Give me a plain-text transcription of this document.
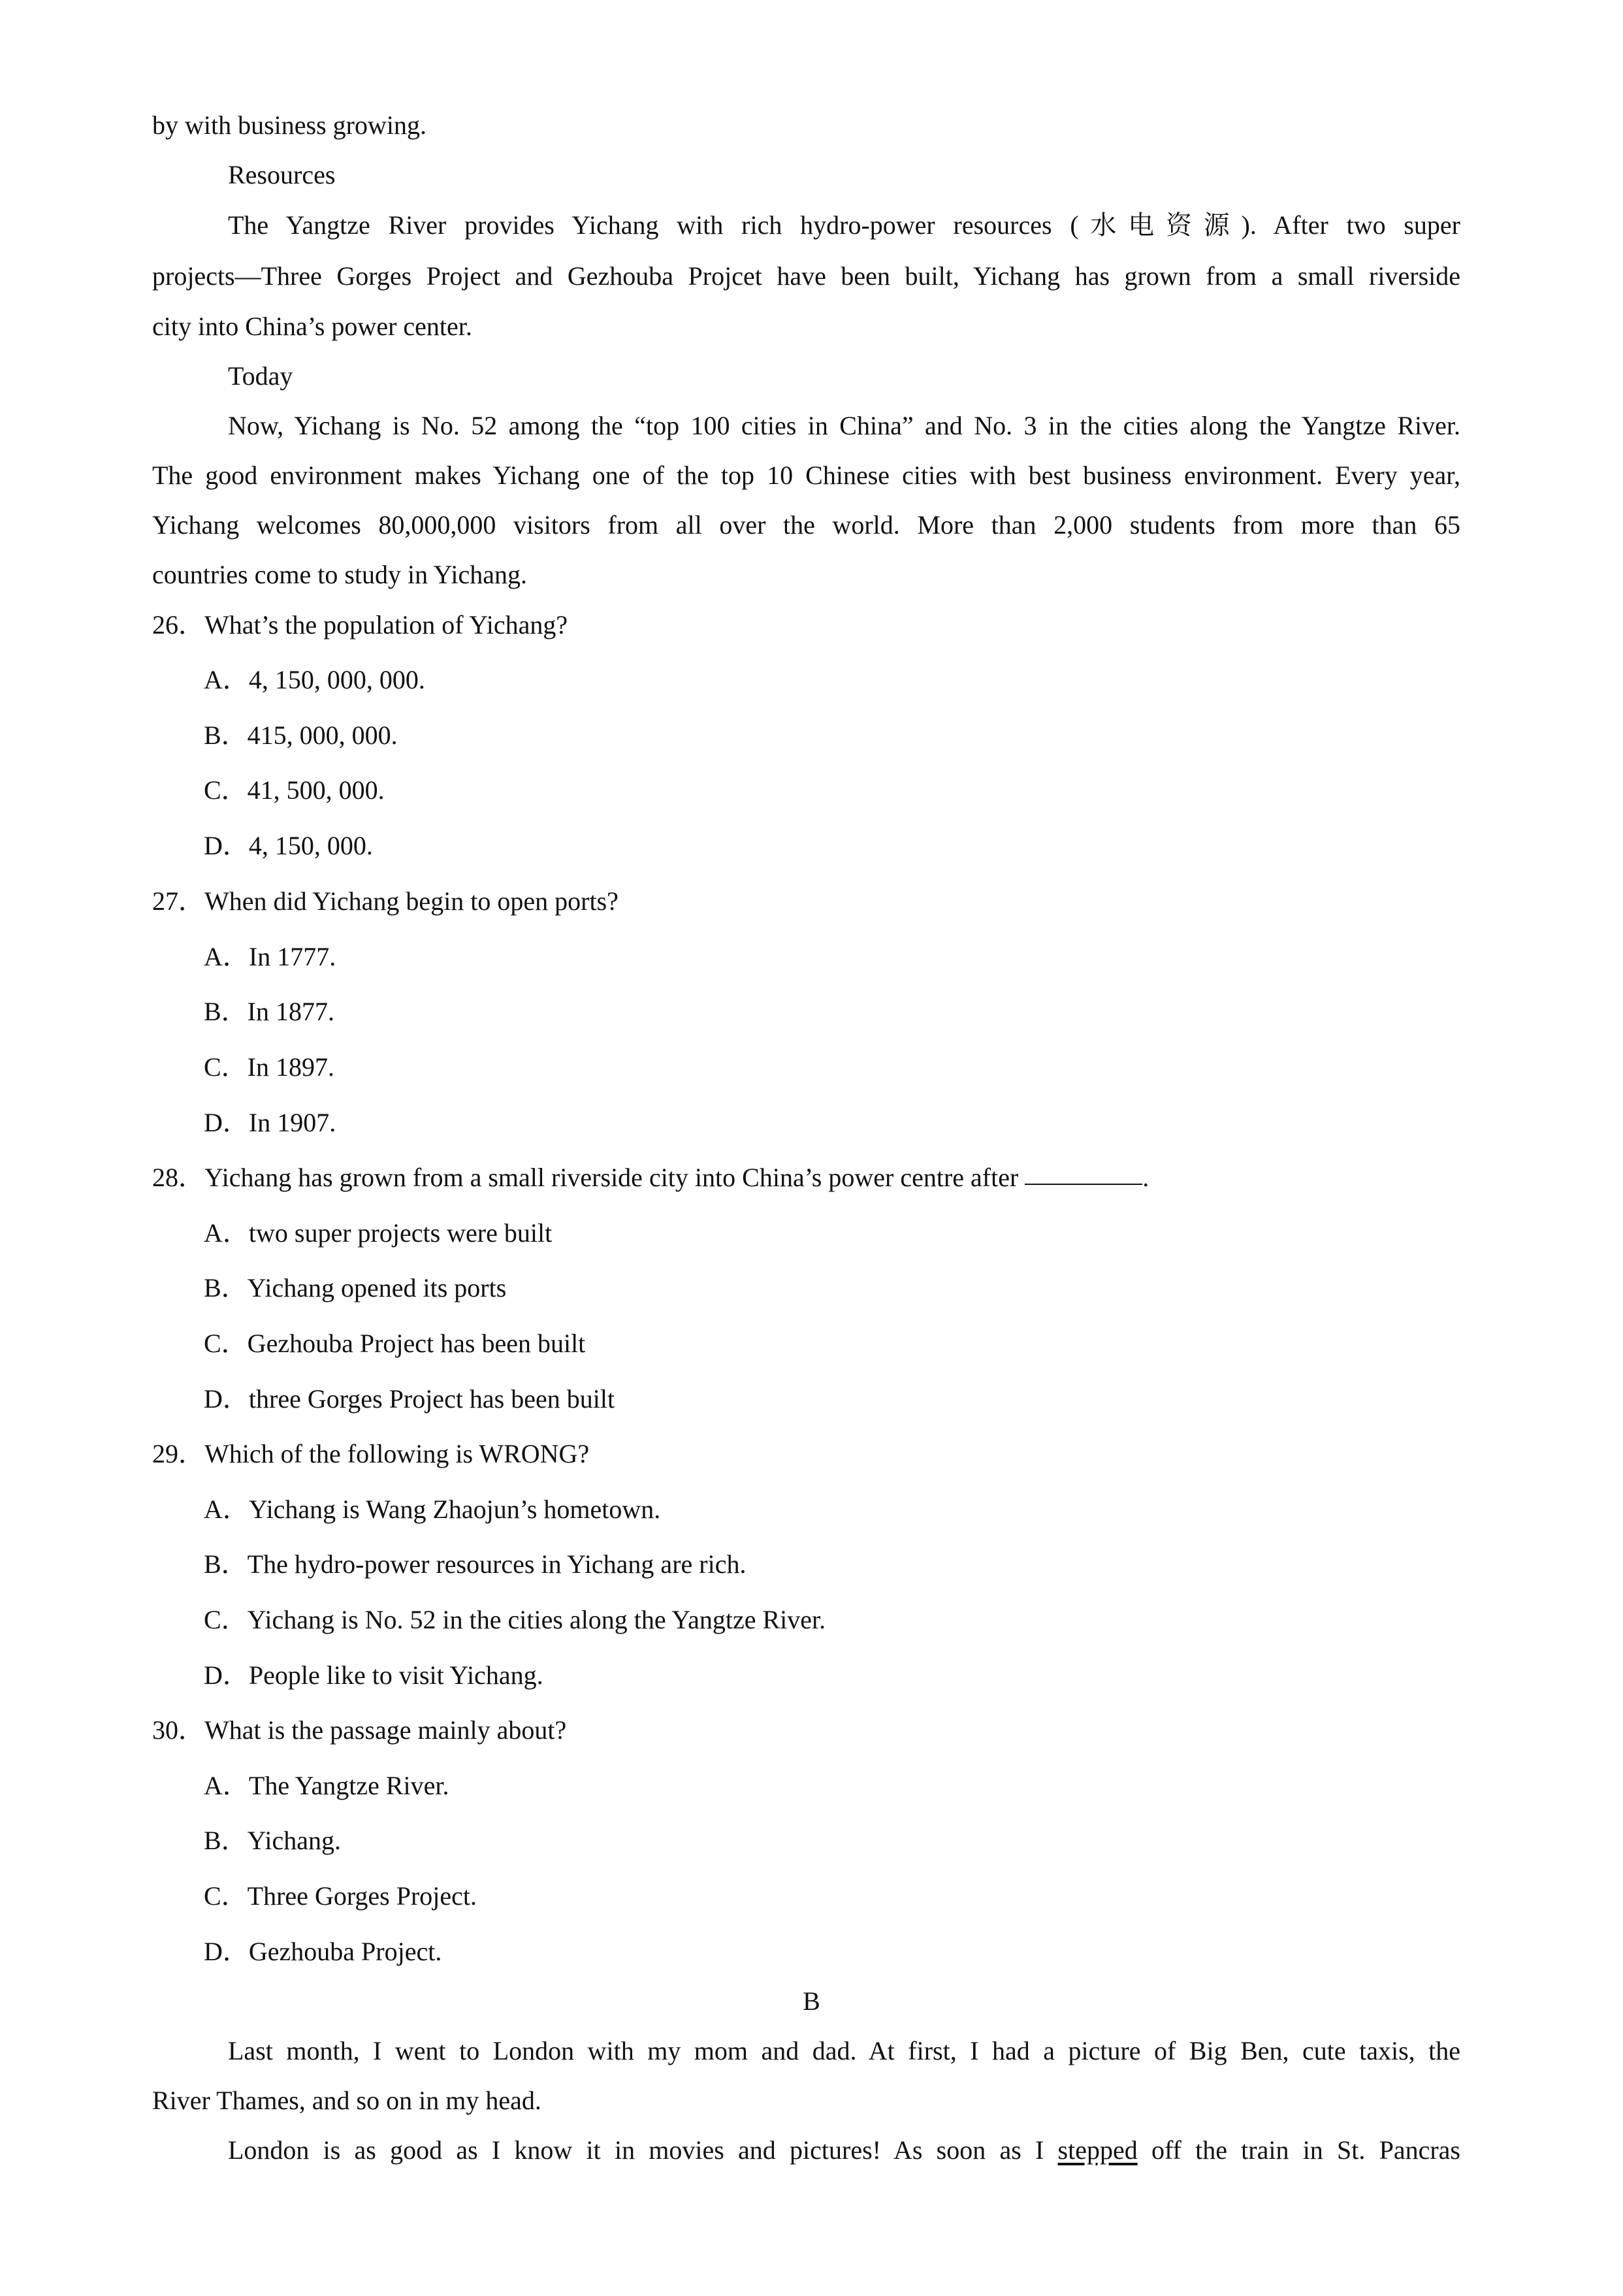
by with business growing.
Resources
The Yangtze River provides Yichang with rich hydro-power resources (水电资源). After two super
projects—Three Gorges Project and Gezhouba Projcet have been built, Yichang has grown from a small riverside
city into China’s power center.
Today
Now, Yichang is No. 52 among the “top 100 cities in China” and No. 3 in the cities along the Yangtze River.
The good environment makes Yichang one of the top 10 Chinese cities with best business environment. Every year,
Yichang welcomes 80,000,000 visitors from all over the world. More than 2,000 students from more than 65
countries come to study in Yichang.
26．What’s the population of Yichang?
A．4, 150, 000, 000.
B．415, 000, 000.
C．41, 500, 000.
D．4, 150, 000.
27．When did Yichang begin to open ports?
A．In 1777.
B．In 1877.
C．In 1897.
D．In 1907.
28．Yichang has grown from a small riverside city into China’s power centre after	.
A．two super projects were built
B．Yichang opened its ports
C．Gezhouba Project has been built
D．three Gorges Project has been built
29．Which of the following is WRONG?
A．Yichang is Wang Zhaojun’s hometown.
B．The hydro-power resources in Yichang are rich.
C．Yichang is No. 52 in the cities along the Yangtze River.
D．People like to visit Yichang.
30．What is the passage mainly about?
A．The Yangtze River.
B．Yichang.
C．Three Gorges Project.
D．Gezhouba Project.
B
Last month, I went to London with my mom and dad. At first, I had a picture of Big Ben, cute taxis, the
River Thames, and so on in my head.
London is as good as I know it in movies and pictures! As soon as I stepped off the train in St. Pancras
